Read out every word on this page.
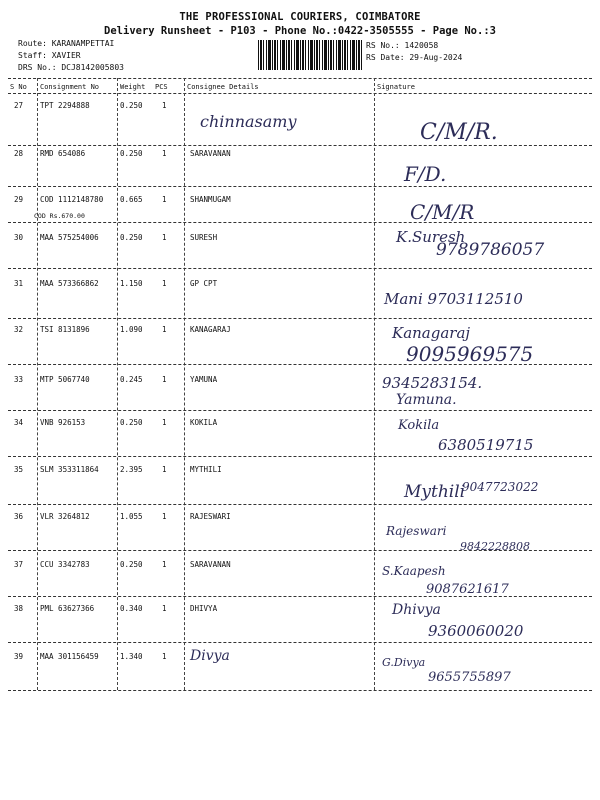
THE PROFESSIONAL COURIERS, COIMBATORE
Delivery Runsheet - P103 - Phone No.:0422-3505555 - Page No.:3
Route: KARANAMPETTAI
Staff: XAVIER
DRS No.: DCJ8142005803
RS No.: 1420058
RS Date: 29-Aug-2024
S No Consignment No	Weight PCS	Consignee Details	Signature
27 TPT 2294888	0.250	1
chinnasamy	C/M/R.
28 RMD 654086	0.250	1	SARAVANAN
F/D.
29 COD 1112148780 0.665	1	SHANMUGAM
COD Rs.670.00	C/M/R
30 MAA 575254006	0.250	1	SURESH	K.Suresh
9789786057
31 MAA 573366862	1.150	1	GP CPT
Mani 9703112510
32 TSI 8131896	1.090	1	KANAGARAJ	Kanagaraj
9095969575
33 MTP 5067740	0.245	1	YAMUNA	9345283154.
Yamuna.
34 VNB 926153	0.250	1	KOKILA	Kokila
6380519715
35 SLM 353311864	2.395	1	MYTHILI
Mythili
9047723022
36 VLR 3264812	1.055	1	RAJESWARI
Rajeswari
9842228808
37 CCU 3342783	0.250	1	SARAVANAN	S.Kaapesh
9087621617
38 PML 63627366	0.340	1	DHIVYA	Dhivya
9360060020
39 MAA 301156459	1.340	1 Divya	G.Divya
9655755897
